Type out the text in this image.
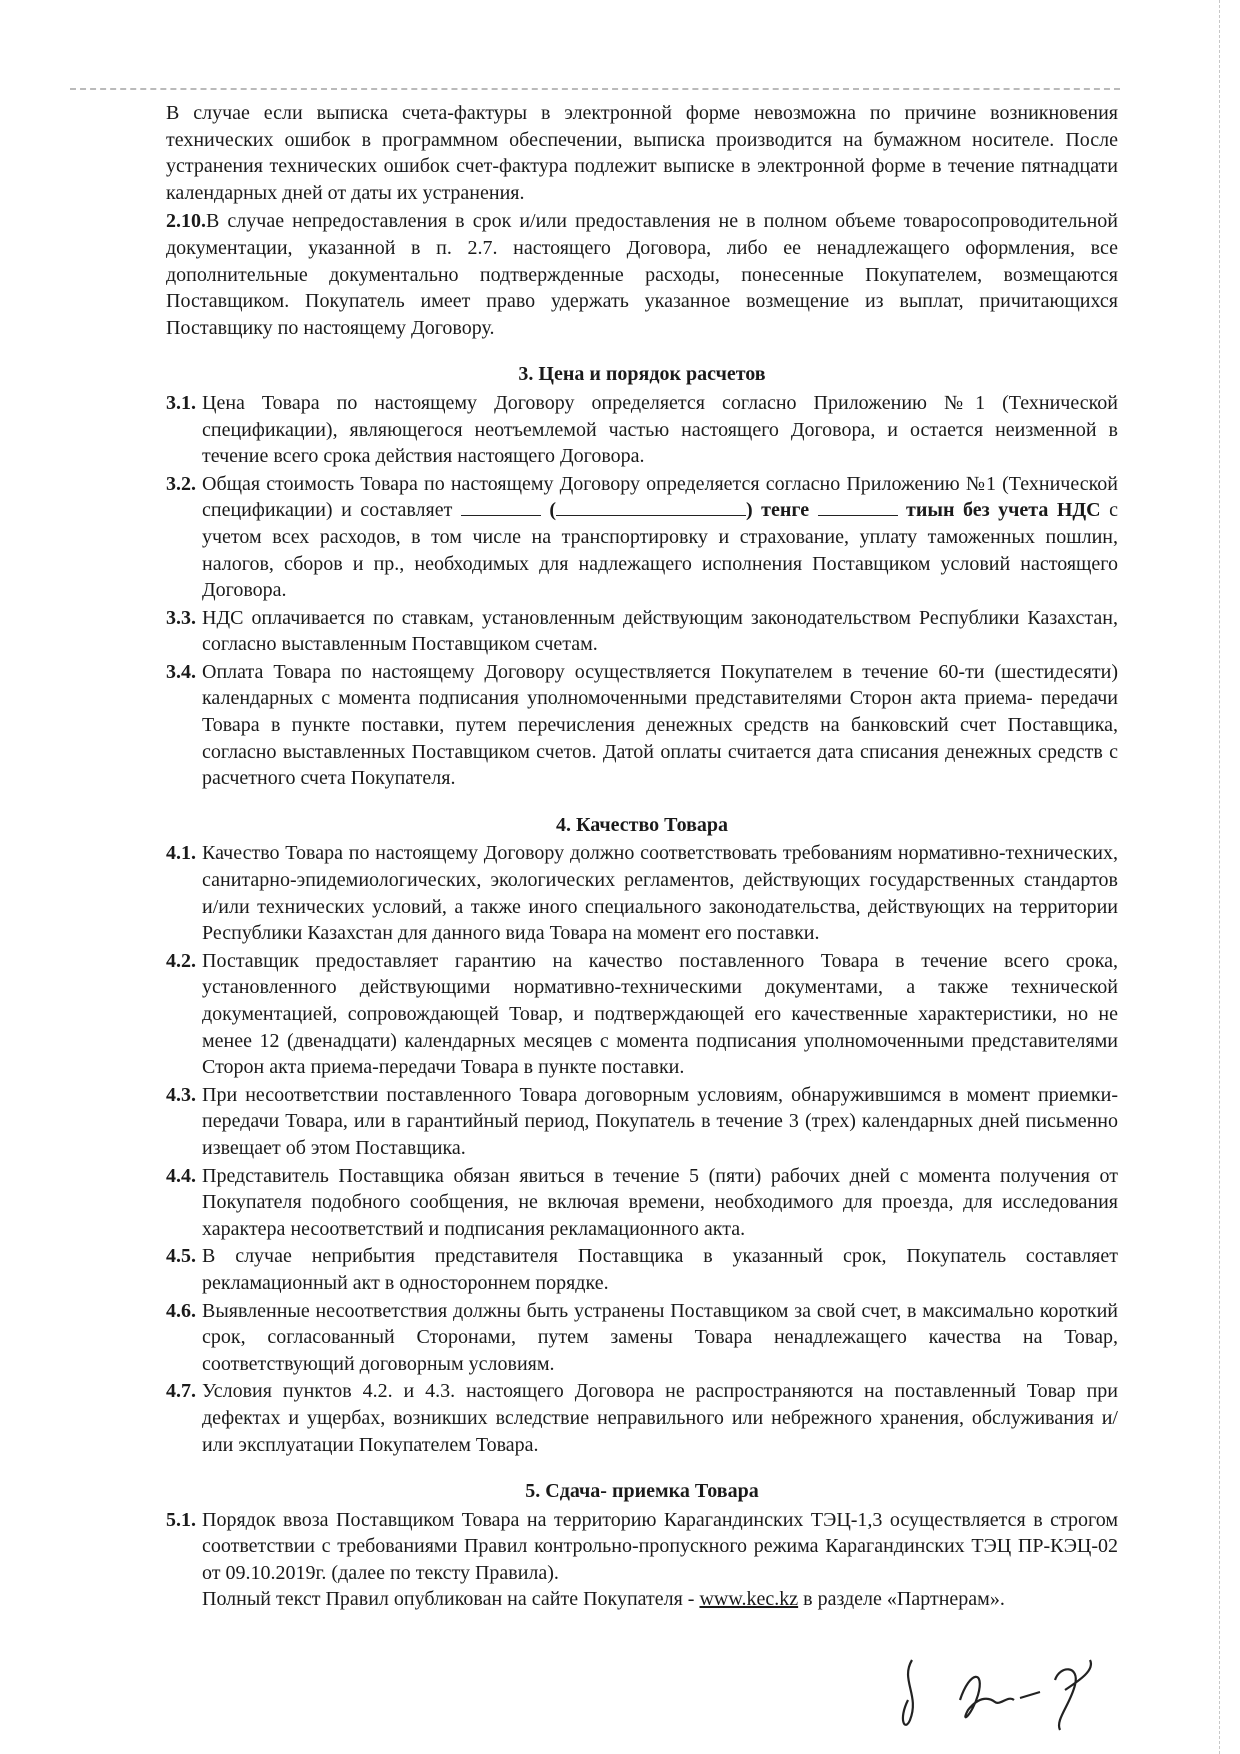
В случае если выписка счета-фактуры в электронной форме невозможна по причине возникновения технических ошибок в программном обеспечении, выписка производится на бумажном носителе. После устранения технических ошибок счет-фактура подлежит выписке в электронной форме в течение пятнадцати календарных дней от даты их устранения.

2.10.В случае непредоставления в срок и/или предоставления не в полном объеме товаросопроводительной документации, указанной в п. 2.7. настоящего Договора, либо ее ненадлежащего оформления, все дополнительные документально подтвержденные расходы, понесенные Покупателем, возмещаются Поставщиком. Покупатель имеет право удержать указанное возмещение из выплат, причитающихся Поставщику по настоящему Договору.

3. Цена и порядок расчетов
3.1. Цена Товара по настоящему Договору определяется согласно Приложению №1 (Технической спецификации), являющегося неотъемлемой частью настоящего Договора, и остается неизменной в течение всего срока действия настоящего Договора.
3.2. Общая стоимость Товара по настоящему Договору определяется согласно Приложению №1 (Технической спецификации) и составляет	(	) тенге	тиын без учета НДС с учетом всех расходов, в том числе на транспортировку и страхование, уплату таможенных пошлин, налогов, сборов и пр., необходимых для надлежащего исполнения Поставщиком условий настоящего Договора.
3.3. НДС оплачивается по ставкам, установленным действующим законодательством Республики Казахстан, согласно выставленным Поставщиком счетам.
3.4. Оплата Товара по настоящему Договору осуществляется Покупателем в течение 60-ти (шестидесяти) календарных с момента подписания уполномоченными представителями Сторон акта приема- передачи Товара в пункте поставки, путем перечисления денежных средств на банковский счет Поставщика, согласно выставленных Поставщиком счетов. Датой оплаты считается дата списания денежных средств с расчетного счета Покупателя.
4. Качество Товара
4.1. Качество Товара по настоящему Договору должно соответствовать требованиям нормативно-технических, санитарно-эпидемиологических, экологических регламентов, действующих государственных стандартов и/или технических условий, а также иного специального законодательства, действующих на территории Республики Казахстан для данного вида Товара на момент его поставки.
4.2. Поставщик предоставляет гарантию на качество поставленного Товара в течение всего срока, установленного действующими нормативно-техническими документами, а также технической документацией, сопровождающей Товар, и подтверждающей его качественные характеристики, но не менее 12 (двенадцати) календарных месяцев с момента подписания уполномоченными представителями Сторон акта приема-передачи Товара в пункте поставки.
4.3. При несоответствии поставленного Товара договорным условиям, обнаружившимся в момент приемки-передачи Товара, или в гарантийный период, Покупатель в течение 3 (трех) календарных дней письменно извещает об этом Поставщика.
4.4. Представитель Поставщика обязан явиться в течение 5 (пяти) рабочих дней с момента получения от Покупателя подобного сообщения, не включая времени, необходимого для проезда, для исследования характера несоответствий и подписания рекламационного акта.
4.5. В случае неприбытия представителя Поставщика в указанный срок, Покупатель составляет рекламационный акт в одностороннем порядке.
4.6. Выявленные несоответствия должны быть устранены Поставщиком за свой счет, в максимально короткий срок, согласованный Сторонами, путем замены Товара ненадлежащего качества на Товар, соответствующий договорным условиям.
4.7. Условия пунктов 4.2. и 4.3. настоящего Договора не распространяются на поставленный Товар при дефектах и ущербах, возникших вследствие неправильного или небрежного хранения, обслуживания и/или эксплуатации Покупателем Товара.
5. Сдача- приемка Товара
5.1. Порядок ввоза Поставщиком Товара на территорию Карагандинских ТЭЦ-1,3 осуществляется в строгом соответствии с требованиями Правил контрольно-пропускного режима Карагандинских ТЭЦ ПР-КЭЦ-02 от 09.10.2019г. (далее по тексту Правила).
Полный текст Правил опубликован на сайте Покупателя - www.kec.kz в разделе «Партнерам».
